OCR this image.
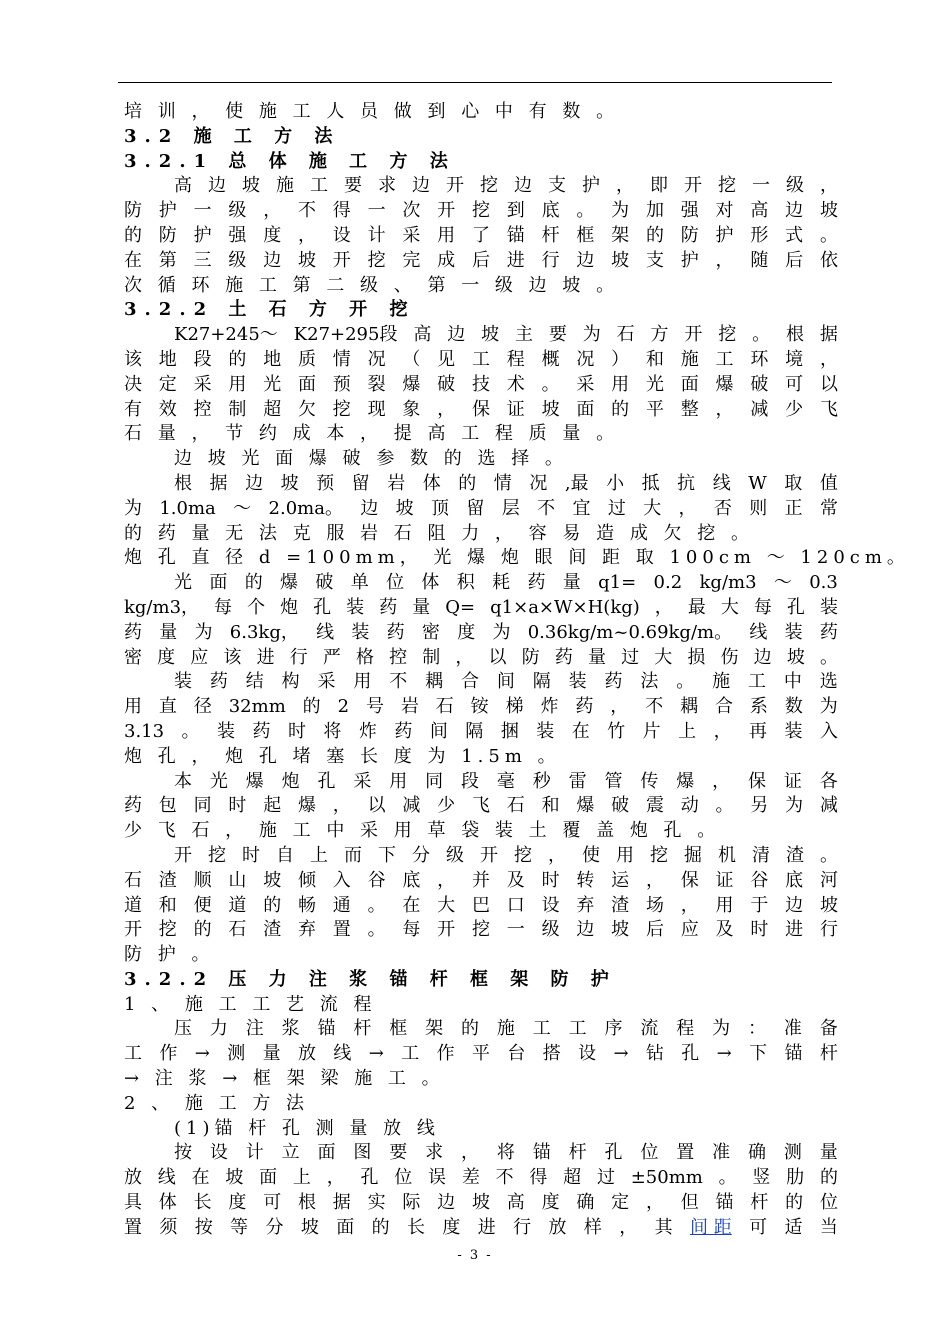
培 训 ， 使 施 工 人 员 做 到 心 中 有 数 。
3.2 施 工 方 法
3.2.1 总 体 施 工 方 法
高 边 坡 施 工 要 求 边 开 挖 边 支 护 ， 即 开 挖 一 级 ，
防 护 一 级 ， 不 得 一 次 开 挖 到 底 。 为 加 强 对 高 边 坡
的 防 护 强 度 ， 设 计 采 用 了 锚 杆 框 架 的 防 护 形 式 。
在 第 三 级 边 坡 开 挖 完 成 后 进 行 边 坡 支 护 ， 随 后 依
次 循 环 施 工 第 二 级 、 第 一 级 边 坡 。
3.2.2 土 石 方 开 挖
K27+245～ K27+295段 高 边 坡 主 要 为 石 方 开 挖 。 根 据
该 地 段 的 地 质 情 况 （ 见 工 程 概 况 ） 和 施 工 环 境 ，
决 定 采 用 光 面 预 裂 爆 破 技 术 。 采 用 光 面 爆 破 可 以
有 效 控 制 超 欠 挖 现 象 ， 保 证 坡 面 的 平 整 ， 减 少 飞
石 量 ， 节 约 成 本 ， 提 高 工 程 质 量 。
边 坡 光 面 爆 破 参 数 的 选 择 。
根 据 边 坡 预 留 岩 体 的 情 况 ,最 小 抵 抗 线 W 取 值
为 1.0ma ～ 2.0ma。 边 坡 顶 留 层 不 宜 过 大 ， 否 则 正 常
的 药 量 无 法 克 服 岩 石 阻 力 ， 容 易 造 成 欠 挖 。
炮 孔 直 径 d =100mm， 光 爆 炮 眼 间 距 取 100cm ～ 120cm。
光 面 的 爆 破 单 位 体 积 耗 药 量 q1= 0.2 kg/m3 ～ 0.3
kg/m3， 每 个 炮 孔 装 药 量 Q= q1×a×W×H(kg) ， 最 大 每 孔 装
药 量 为 6.3kg， 线 装 药 密 度 为 0.36kg/m~0.69kg/m。 线 装 药
密 度 应 该 进 行 严 格 控 制 ， 以 防 药 量 过 大 损 伤 边 坡 。
装 药 结 构 采 用 不 耦 合 间 隔 装 药 法 。 施 工 中 选
用 直 径 32mm 的 2 号 岩 石 铵 梯 炸 药 ， 不 耦 合 系 数 为
3.13 。 装 药 时 将 炸 药 间 隔 捆 装 在 竹 片 上 ， 再 装 入
炮 孔 ， 炮 孔 堵 塞 长 度 为 1.5m 。
本 光 爆 炮 孔 采 用 同 段 毫 秒 雷 管 传 爆 ， 保 证 各
药 包 同 时 起 爆 ， 以 减 少 飞 石 和 爆 破 震 动 。 另 为 减
少 飞 石 ， 施 工 中 采 用 草 袋 装 土 覆 盖 炮 孔 。
开 挖 时 自 上 而 下 分 级 开 挖 ， 使 用 挖 掘 机 清 渣 。
石 渣 顺 山 坡 倾 入 谷 底 ， 并 及 时 转 运 ， 保 证 谷 底 河
道 和 便 道 的 畅 通 。 在 大 巴 口 设 弃 渣 场 ， 用 于 边 坡
开 挖 的 石 渣 弃 置 。 每 开 挖 一 级 边 坡 后 应 及 时 进 行
防 护 。
3.2.2 压 力 注 浆 锚 杆 框 架 防 护
1 、 施 工 工 艺 流 程
压 力 注 浆 锚 杆 框 架 的 施 工 工 序 流 程 为 ： 准 备
工 作 → 测 量 放 线 → 工 作 平 台 搭 设 → 钻 孔 → 下 锚 杆
→ 注 浆 → 框 架 梁 施 工 。
2 、 施 工 方 法
(1)锚 杆 孔 测 量 放 线
按 设 计 立 面 图 要 求 ， 将 锚 杆 孔 位 置 准 确 测 量
放 线 在 坡 面 上 ， 孔 位 误 差 不 得 超 过 ±50mm 。 竖 肋 的
具 体 长 度 可 根 据 实 际 边 坡 高 度 确 定 ， 但 锚 杆 的 位
置 须 按 等 分 坡 面 的 长 度 进 行 放 样 ， 其 间 距 可 适 当
- 3 -
